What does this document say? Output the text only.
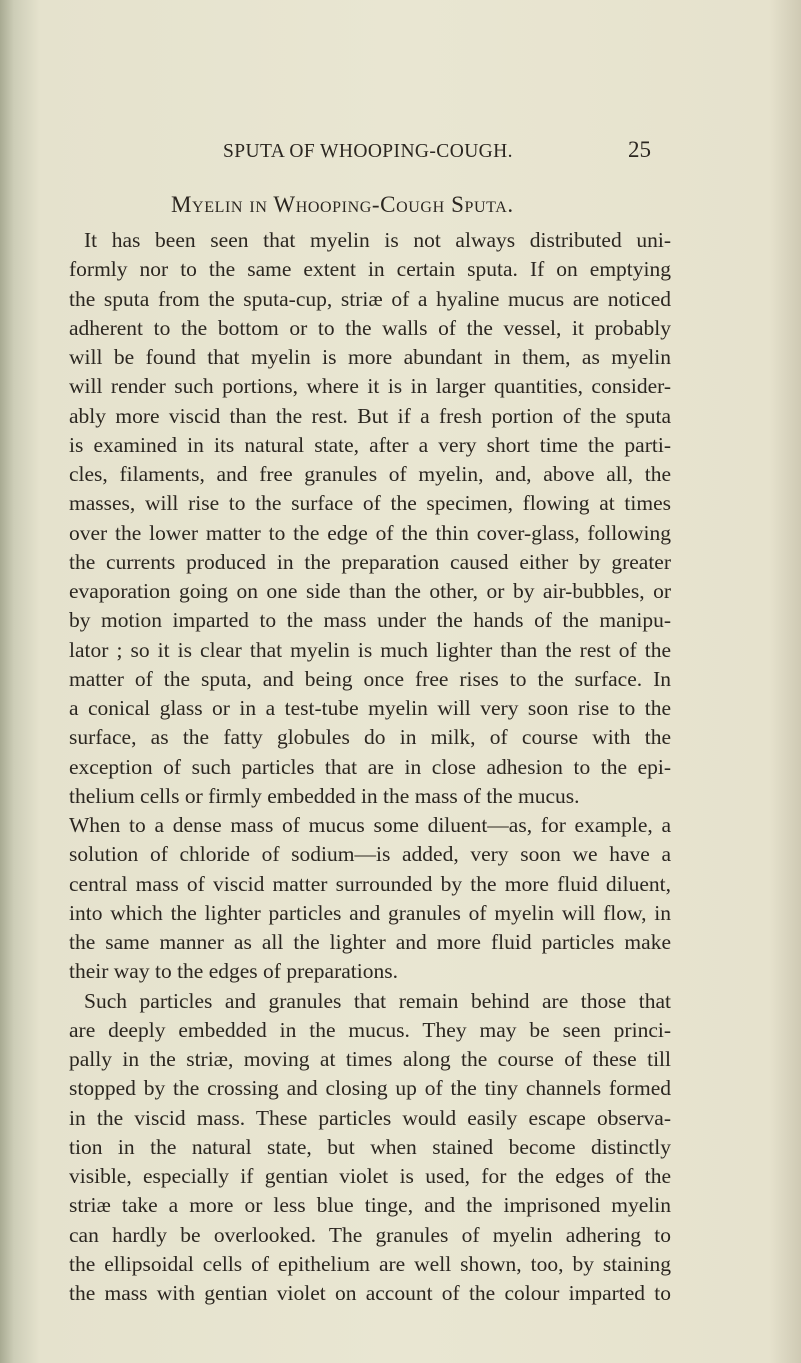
SPUTA OF WHOOPING-COUGH.	25
Myelin in Whooping-Cough Sputa.
It has been seen that myelin is not always distributed uni-
formly nor to the same extent in certain sputa. If on emptying
the sputa from the sputa-cup, striæ of a hyaline mucus are noticed
adherent to the bottom or to the walls of the vessel, it probably
will be found that myelin is more abundant in them, as myelin
will render such portions, where it is in larger quantities, consider-
ably more viscid than the rest. But if a fresh portion of the sputa
is examined in its natural state, after a very short time the parti-
cles, filaments, and free granules of myelin, and, above all, the
masses, will rise to the surface of the specimen, flowing at times
over the lower matter to the edge of the thin cover-glass, following
the currents produced in the preparation caused either by greater
evaporation going on one side than the other, or by air-bubbles, or
by motion imparted to the mass under the hands of the manipu-
lator ; so it is clear that myelin is much lighter than the rest of the
matter of the sputa, and being once free rises to the surface. In
a conical glass or in a test-tube myelin will very soon rise to the
surface, as the fatty globules do in milk, of course with the
exception of such particles that are in close adhesion to the epi-
thelium cells or firmly embedded in the mass of the mucus.
When to a dense mass of mucus some diluent—as, for example, a
solution of chloride of sodium—is added, very soon we have a
central mass of viscid matter surrounded by the more fluid diluent,
into which the lighter particles and granules of myelin will flow, in
the same manner as all the lighter and more fluid particles make
their way to the edges of preparations.
Such particles and granules that remain behind are those that
are deeply embedded in the mucus. They may be seen princi-
pally in the striæ, moving at times along the course of these till
stopped by the crossing and closing up of the tiny channels formed
in the viscid mass. These particles would easily escape observa-
tion in the natural state, but when stained become distinctly
visible, especially if gentian violet is used, for the edges of the
striæ take a more or less blue tinge, and the imprisoned myelin
can hardly be overlooked. The granules of myelin adhering to
the ellipsoidal cells of epithelium are well shown, too, by staining
the mass with gentian violet on account of the colour imparted to
